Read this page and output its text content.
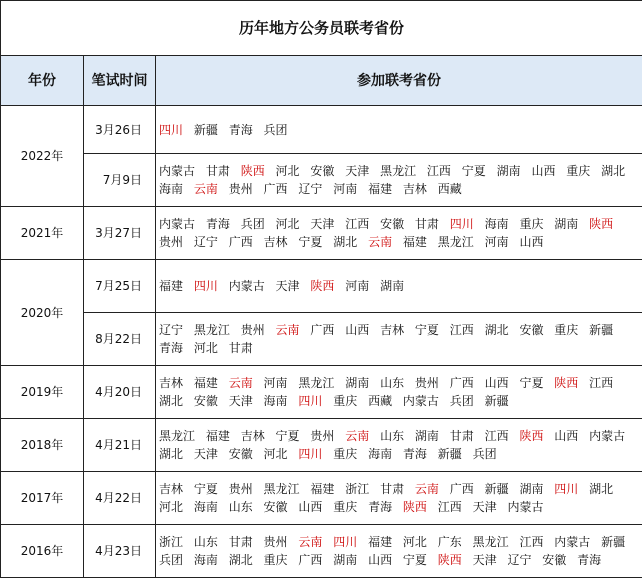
历年地方公务员联考省份		
年份	笔试时间	参加联考省份
2022年	3月26日	四川 新疆 青海 兵团
	7月9日	内蒙古 甘肃 陕西 河北 安徽 天津 黑龙江 江西 宁夏 湖南 山西 重庆 湖北 海南 云南 贵州 广西 辽宁 河南 福建 吉林 西藏
2021年	3月27日	内蒙古 青海 兵团 河北 天津 江西 安徽 甘肃 四川 海南 重庆 湖南 陕西 贵州 辽宁 广西 吉林 宁夏 湖北 云南 福建 黑龙江 河南 山西
2020年	7月25日	福建 四川 内蒙古 天津 陕西 河南 湖南
	8月22日	辽宁 黑龙江 贵州 云南 广西 山西 吉林 宁夏 江西 湖北 安徽 重庆 新疆 青海 河北 甘肃
2019年	4月20日	吉林 福建 云南 河南 黑龙江 湖南 山东 贵州 广西 山西 宁夏 陕西 江西 湖北 安徽 天津 海南 四川 重庆 西藏 内蒙古 兵团 新疆
2018年	4月21日	黑龙江 福建 吉林 宁夏 贵州 云南 山东 湖南 甘肃 江西 陕西 山西 内蒙古 湖北 天津 安徽 河北 四川 重庆 海南 青海 新疆 兵团
2017年	4月22日	吉林 宁夏 贵州 黑龙江 福建 浙江 甘肃 云南 广西 新疆 湖南 四川 湖北 河北 海南 山东 安徽 山西 重庆 青海 陕西 江西 天津 内蒙古
2016年	4月23日	浙江 山东 甘肃 贵州 云南 四川 福建 河北 广东 黑龙江 江西 内蒙古 新疆 兵团 海南 湖北 重庆 广西 湖南 山西 宁夏 陕西 天津 辽宁 安徽 青海
